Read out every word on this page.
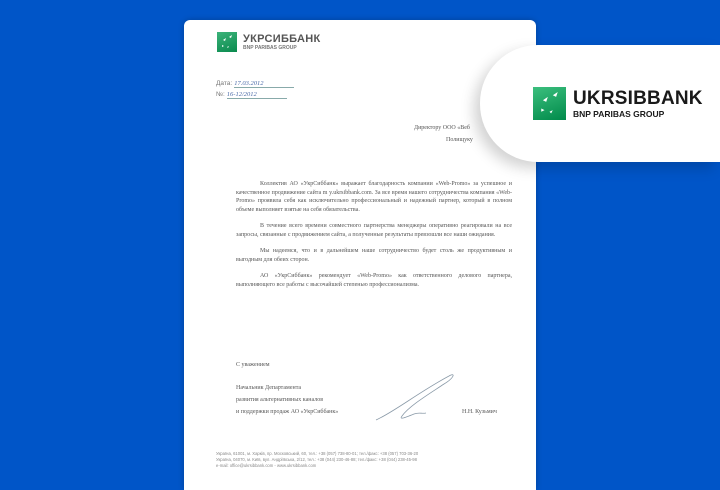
УКРСИББАНК
BNP PARIBAS GROUP
Дата: 17.03.2012
№: 16-12/2012
Директору ООО «Веб
Полищуку

Коллектив АО «УкрСиббанк» выражает благодарность компании «Web-Promo» за успешное и качественное продвижение сайта m y.ukrsibbank.com. За все время нашего сотрудничества компания «Web-Promo» проявила себя как исключительно профессиональный и надежный партнер, который в полном объеме выполняет взятые на себя обязательства.

В течение всего времени совместного партнерства менеджеры оперативно реагировали на все запросы, связанные с продвижением сайта, а полученные результаты превзошли все наши ожидания.

Мы надеемся, что и в дальнейшем наше сотрудничество будет столь же продуктивным и выгодным для обеих сторон.

АО «УкрСиббанк» рекомендует «Web-Promo» как ответственного делового партнера, выполняющего все работы с высочайшей степенью профессионализма.

С уважением
Начальник Департамента
развития альтернативных каналов
и поддержки продаж АО «УкрСиббанк»	Н.Н. Кузьмич
Україна, 61001, м. Харків, пр. Московський, 60, тел.: +38 (057) 738-80-01; тел./факс: +38 (057) 703-36-20
Україна, 04070, м. Київ, вул. Андріївська, 2/12, тел.: +38 (044) 230-46-88; тел./факс: +38 (044) 238-45-98
e-mail: office@ukrsibbank.com - www.ukrsibbank.com
UKRSIBBANK
BNP PARIBAS GROUP
